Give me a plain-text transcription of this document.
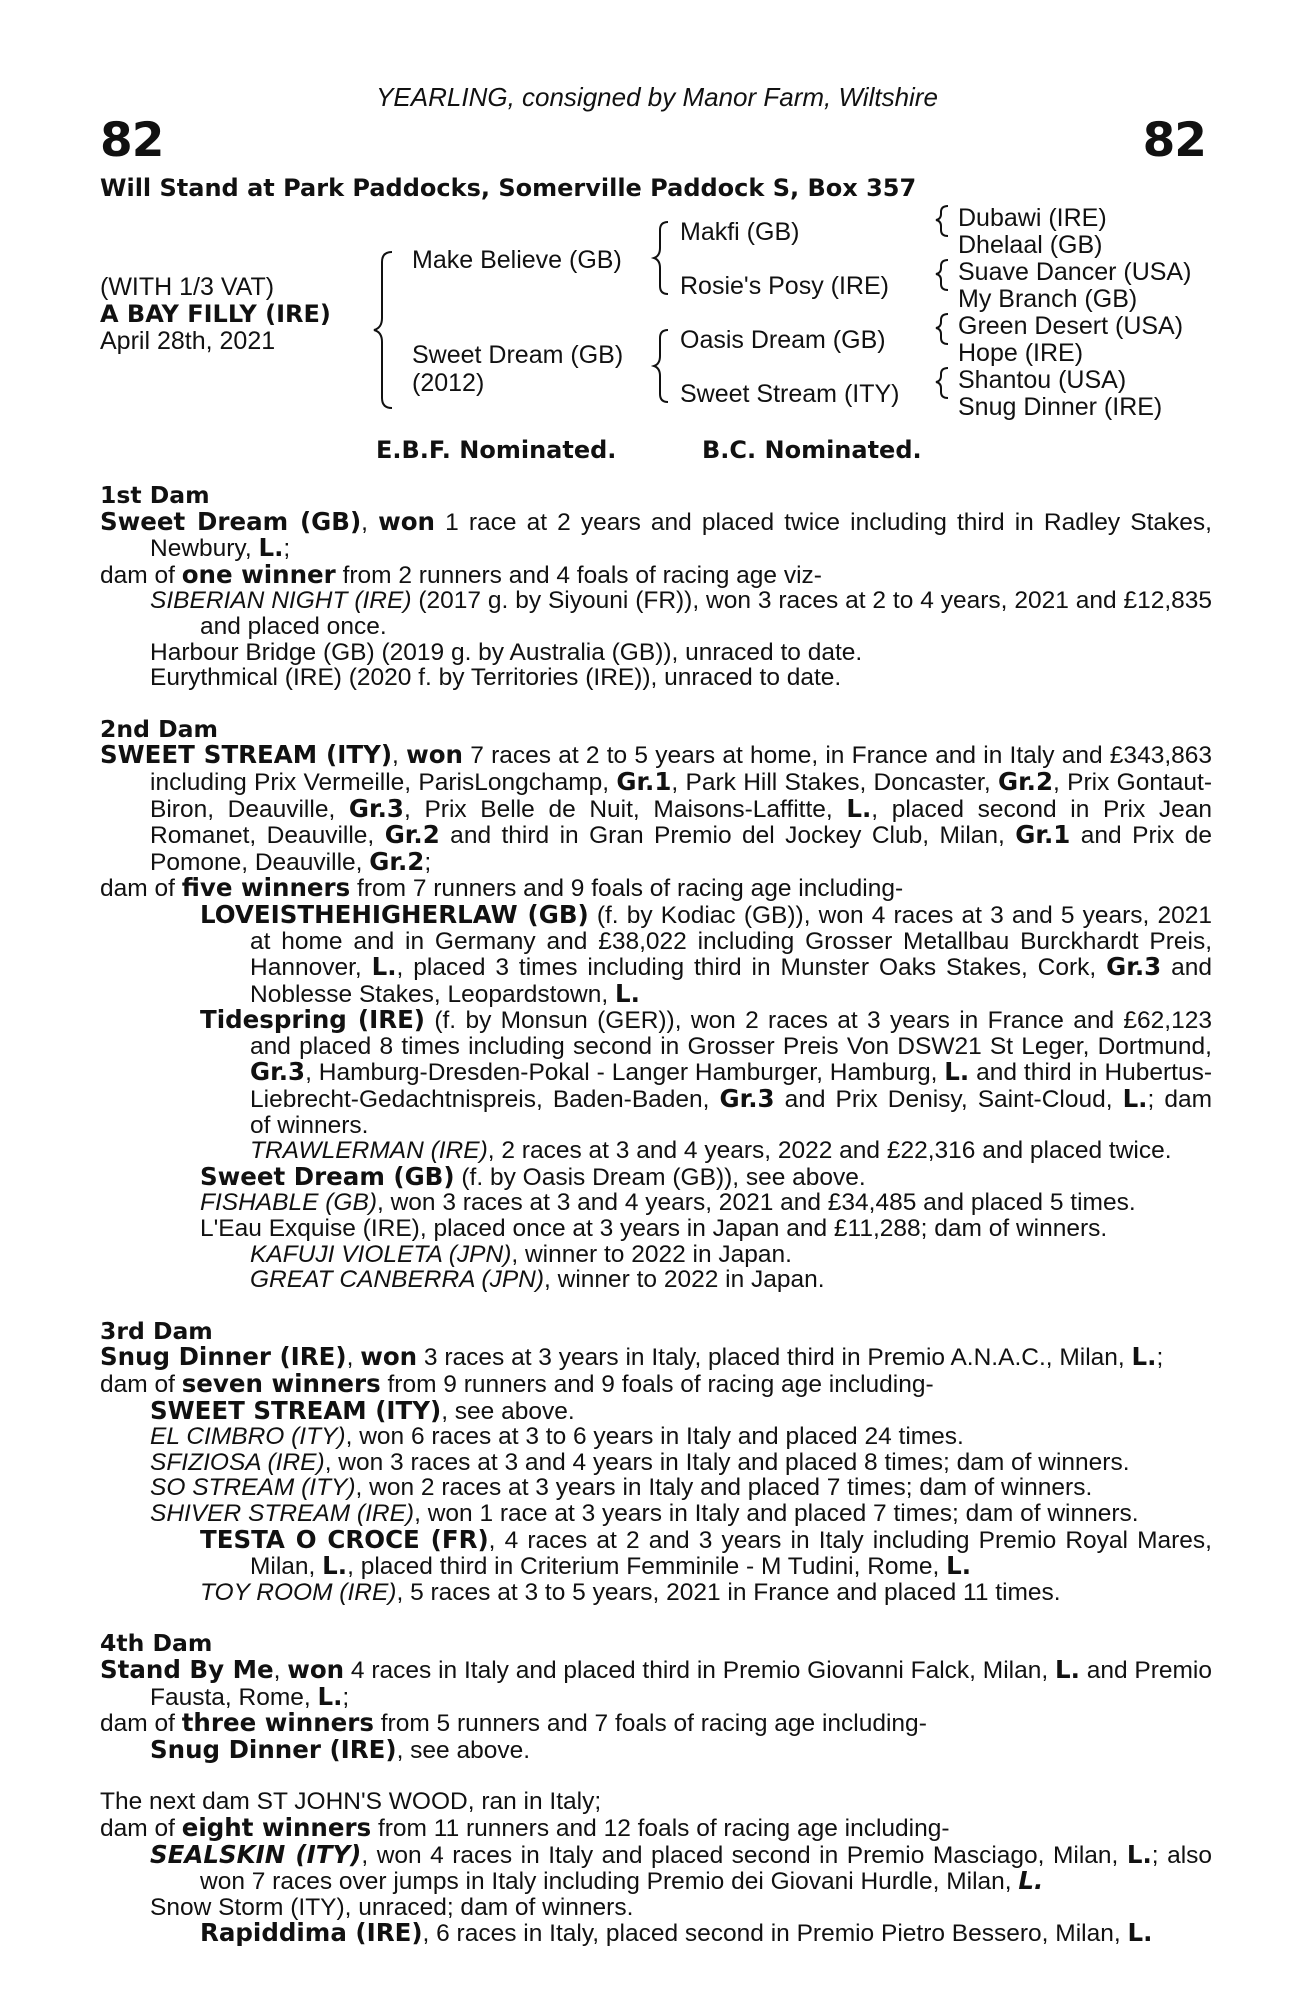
YEARLING, consigned by Manor Farm, Wiltshire
82	82
Will Stand at Park Paddocks, Somerville Paddock S, Box 357
(WITH 1/3 VAT)
A BAY FILLY (IRE)
April 28th, 2021
Make Believe (GB)
Sweet Dream (GB)
(2012)
Makfi (GB)
Rosie's Posy (IRE)
Oasis Dream (GB)
Sweet Stream (ITY)
Dubawi (IRE)
Dhelaal (GB)
Suave Dancer (USA)
My Branch (GB)
Green Desert (USA)
Hope (IRE)
Shantou (USA)
Snug Dinner (IRE)
E.B.F. Nominated.	B.C. Nominated.

1st Dam

Sweet Dream (GB), won 1 race at 2 years and placed twice including third in Radley Stakes, Newbury, L.;

dam of one winner from 2 runners and 4 foals of racing age viz-

SIBERIAN NIGHT (IRE) (2017 g. by Siyouni (FR)), won 3 races at 2 to 4 years, 2021 and £12,835 and placed once.

Harbour Bridge (GB) (2019 g. by Australia (GB)), unraced to date.

Eurythmical (IRE) (2020 f. by Territories (IRE)), unraced to date.

2nd Dam

SWEET STREAM (ITY), won 7 races at 2 to 5 years at home, in France and in Italy and £343,863 including Prix Vermeille, ParisLongchamp, Gr.1, Park Hill Stakes, Doncaster, Gr.2, Prix Gontaut-Biron, Deauville, Gr.3, Prix Belle de Nuit, Maisons-Laffitte, L., placed second in Prix Jean Romanet, Deauville, Gr.2 and third in Gran Premio del Jockey Club, Milan, Gr.1 and Prix de Pomone, Deauville, Gr.2;

dam of five winners from 7 runners and 9 foals of racing age including-

LOVEISTHEHIGHERLAW (GB) (f. by Kodiac (GB)), won 4 races at 3 and 5 years, 2021 at home and in Germany and £38,022 including Grosser Metallbau Burckhardt Preis, Hannover, L., placed 3 times including third in Munster Oaks Stakes, Cork, Gr.3 and Noblesse Stakes, Leopardstown, L.

Tidespring (IRE) (f. by Monsun (GER)), won 2 races at 3 years in France and £62,123 and placed 8 times including second in Grosser Preis Von DSW21 St Leger, Dortmund, Gr.3, Hamburg-Dresden-Pokal - Langer Hamburger, Hamburg, L. and third in Hubertus-Liebrecht-Gedachtnispreis, Baden-Baden, Gr.3 and Prix Denisy, Saint-Cloud, L.; dam of winners.

TRAWLERMAN (IRE), 2 races at 3 and 4 years, 2022 and £22,316 and placed twice.

Sweet Dream (GB) (f. by Oasis Dream (GB)), see above.

FISHABLE (GB), won 3 races at 3 and 4 years, 2021 and £34,485 and placed 5 times.

L'Eau Exquise (IRE), placed once at 3 years in Japan and £11,288; dam of winners.

KAFUJI VIOLETA (JPN), winner to 2022 in Japan.

GREAT CANBERRA (JPN), winner to 2022 in Japan.

3rd Dam

Snug Dinner (IRE), won 3 races at 3 years in Italy, placed third in Premio A.N.A.C., Milan, L.;

dam of seven winners from 9 runners and 9 foals of racing age including-

SWEET STREAM (ITY), see above.

EL CIMBRO (ITY), won 6 races at 3 to 6 years in Italy and placed 24 times.

SFIZIOSA (IRE), won 3 races at 3 and 4 years in Italy and placed 8 times; dam of winners.

SO STREAM (ITY), won 2 races at 3 years in Italy and placed 7 times; dam of winners.

SHIVER STREAM (IRE), won 1 race at 3 years in Italy and placed 7 times; dam of winners.

TESTA O CROCE (FR), 4 races at 2 and 3 years in Italy including Premio Royal Mares, Milan, L., placed third in Criterium Femminile - M Tudini, Rome, L.

TOY ROOM (IRE), 5 races at 3 to 5 years, 2021 in France and placed 11 times.

4th Dam

Stand By Me, won 4 races in Italy and placed third in Premio Giovanni Falck, Milan, L. and Premio Fausta, Rome, L.;

dam of three winners from 5 runners and 7 foals of racing age including-

Snug Dinner (IRE), see above.

The next dam ST JOHN'S WOOD, ran in Italy;

dam of eight winners from 11 runners and 12 foals of racing age including-

SEALSKIN (ITY), won 4 races in Italy and placed second in Premio Masciago, Milan, L.; also won 7 races over jumps in Italy including Premio dei Giovani Hurdle, Milan, L.

Snow Storm (ITY), unraced; dam of winners.

Rapiddima (IRE), 6 races in Italy, placed second in Premio Pietro Bessero, Milan, L.
